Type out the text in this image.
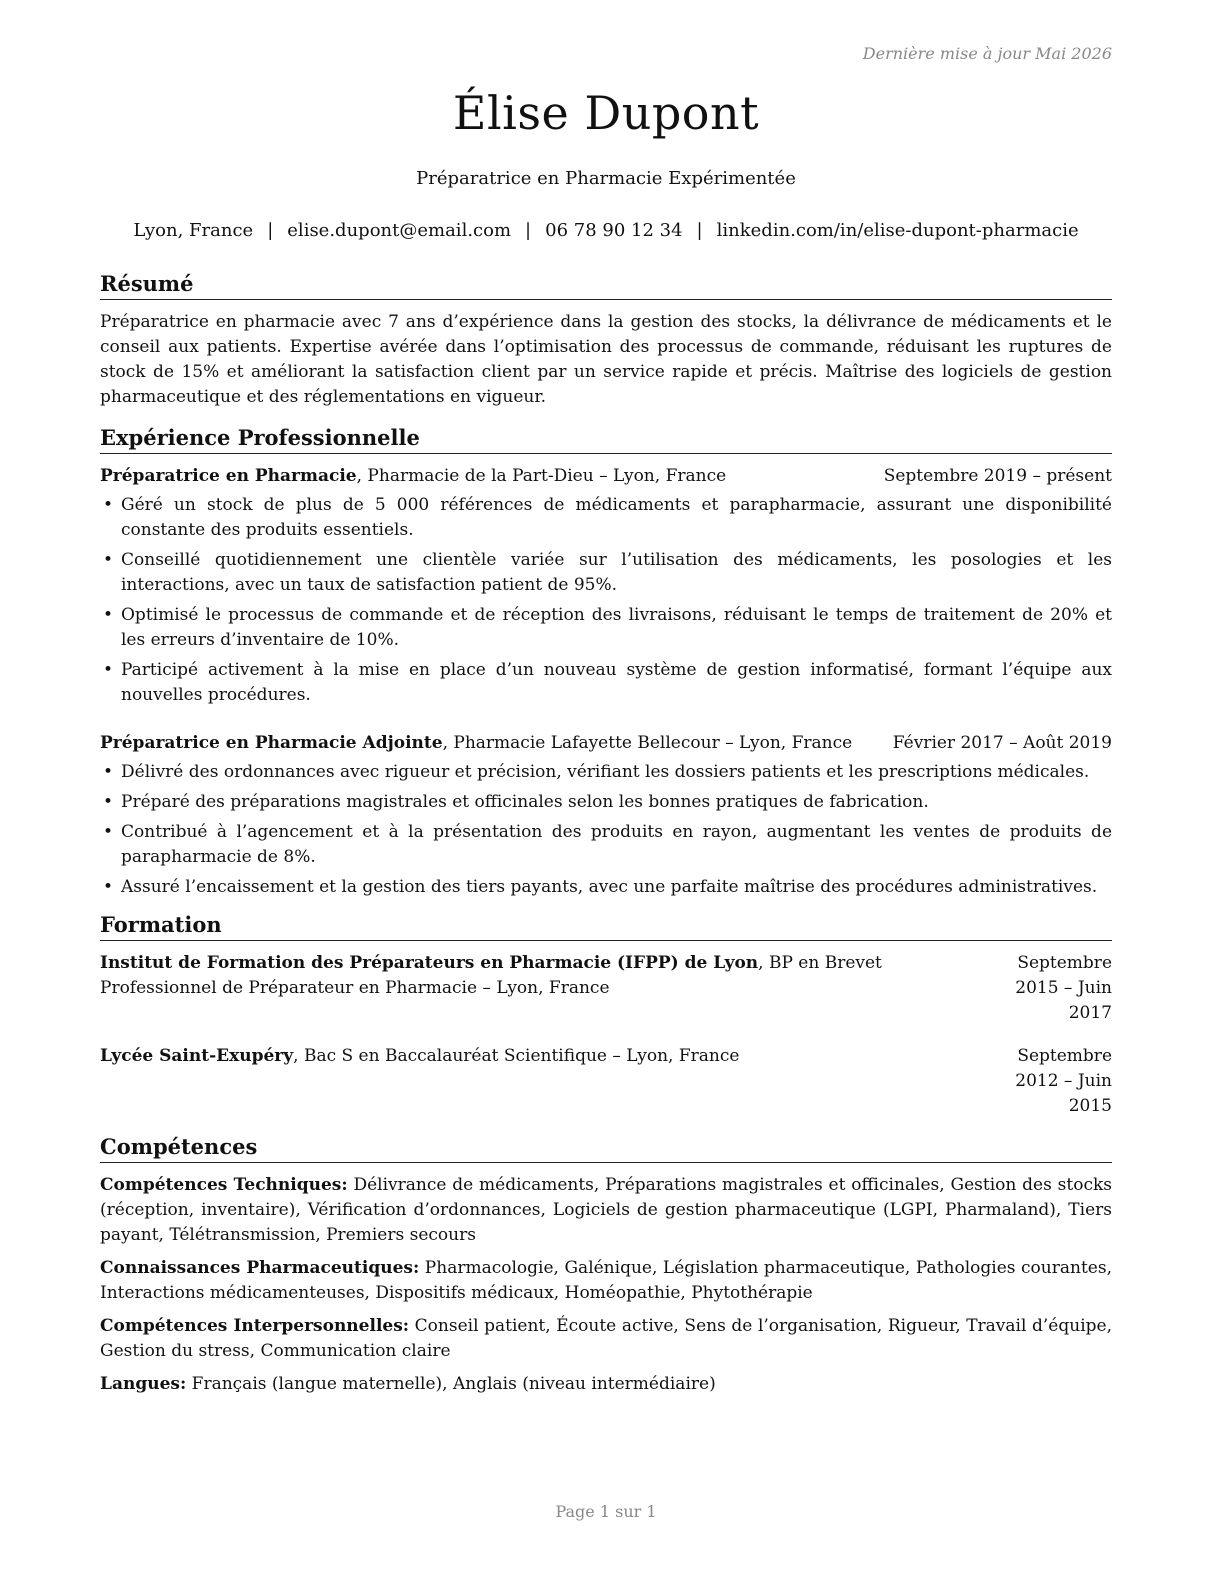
Dernière mise à jour Mai 2026
Élise Dupont
Préparatrice en Pharmacie Expérimentée
Lyon, France | elise.dupont@email.com | 06 78 90 12 34 | linkedin.com/in/elise-dupont-pharmacie
Résumé

Préparatrice en pharmacie avec 7 ans d’expérience dans la gestion des stocks, la délivrance de médicaments et le conseil aux patients. Expertise avérée dans l’optimisation des processus de commande, réduisant les ruptures de stock de 15% et améliorant la satisfaction client par un service rapide et précis. Maîtrise des logiciels de gestion pharmaceutique et des réglementations en vigueur.

Expérience Professionnelle
Préparatrice en Pharmacie, Pharmacie de la Part-Dieu – Lyon, France	Septembre 2019 – présent
• Géré un stock de plus de 5 000 références de médicaments et parapharmacie, assurant une disponibilité constante des produits essentiels.
• Conseillé quotidiennement une clientèle variée sur l’utilisation des médicaments, les posologies et les interactions, avec un taux de satisfaction patient de 95%.
• Optimisé le processus de commande et de réception des livraisons, réduisant le temps de traitement de 20% et les erreurs d’inventaire de 10%.
• Participé activement à la mise en place d’un nouveau système de gestion informatisé, formant l’équipe aux nouvelles procédures.
Préparatrice en Pharmacie Adjointe, Pharmacie Lafayette Bellecour – Lyon, France Février 2017 – Août 2019
• Délivré des ordonnances avec rigueur et précision, vérifiant les dossiers patients et les prescriptions médicales.
• Préparé des préparations magistrales et officinales selon les bonnes pratiques de fabrication.
• Contribué à l’agencement et à la présentation des produits en rayon, augmentant les ventes de produits de parapharmacie de 8%.
• Assuré l’encaissement et la gestion des tiers payants, avec une parfaite maîtrise des procédures administratives.
Formation
Institut de Formation des Préparateurs en Pharmacie (IFPP) de Lyon, BP en Brevet Professionnel de Préparateur en Pharmacie – Lyon, France
Septembre 2015 – Juin 2017
Lycée Saint-Exupéry, Bac S en Baccalauréat Scientifique – Lyon, France	Septembre 2012 – Juin 2015
Compétences

Compétences Techniques: Délivrance de médicaments, Préparations magistrales et officinales, Gestion des stocks (réception, inventaire), Vérification d’ordonnances, Logiciels de gestion pharmaceutique (LGPI, Pharmaland), Tiers payant, Télétransmission, Premiers secours

Connaissances Pharmaceutiques: Pharmacologie, Galénique, Législation pharmaceutique, Pathologies courantes, Interactions médicamenteuses, Dispositifs médicaux, Homéopathie, Phytothérapie

Compétences Interpersonnelles: Conseil patient, Écoute active, Sens de l’organisation, Rigueur, Travail d’équipe, Gestion du stress, Communication claire

Langues: Français (langue maternelle), Anglais (niveau intermédiaire)

Page 1 sur 1
